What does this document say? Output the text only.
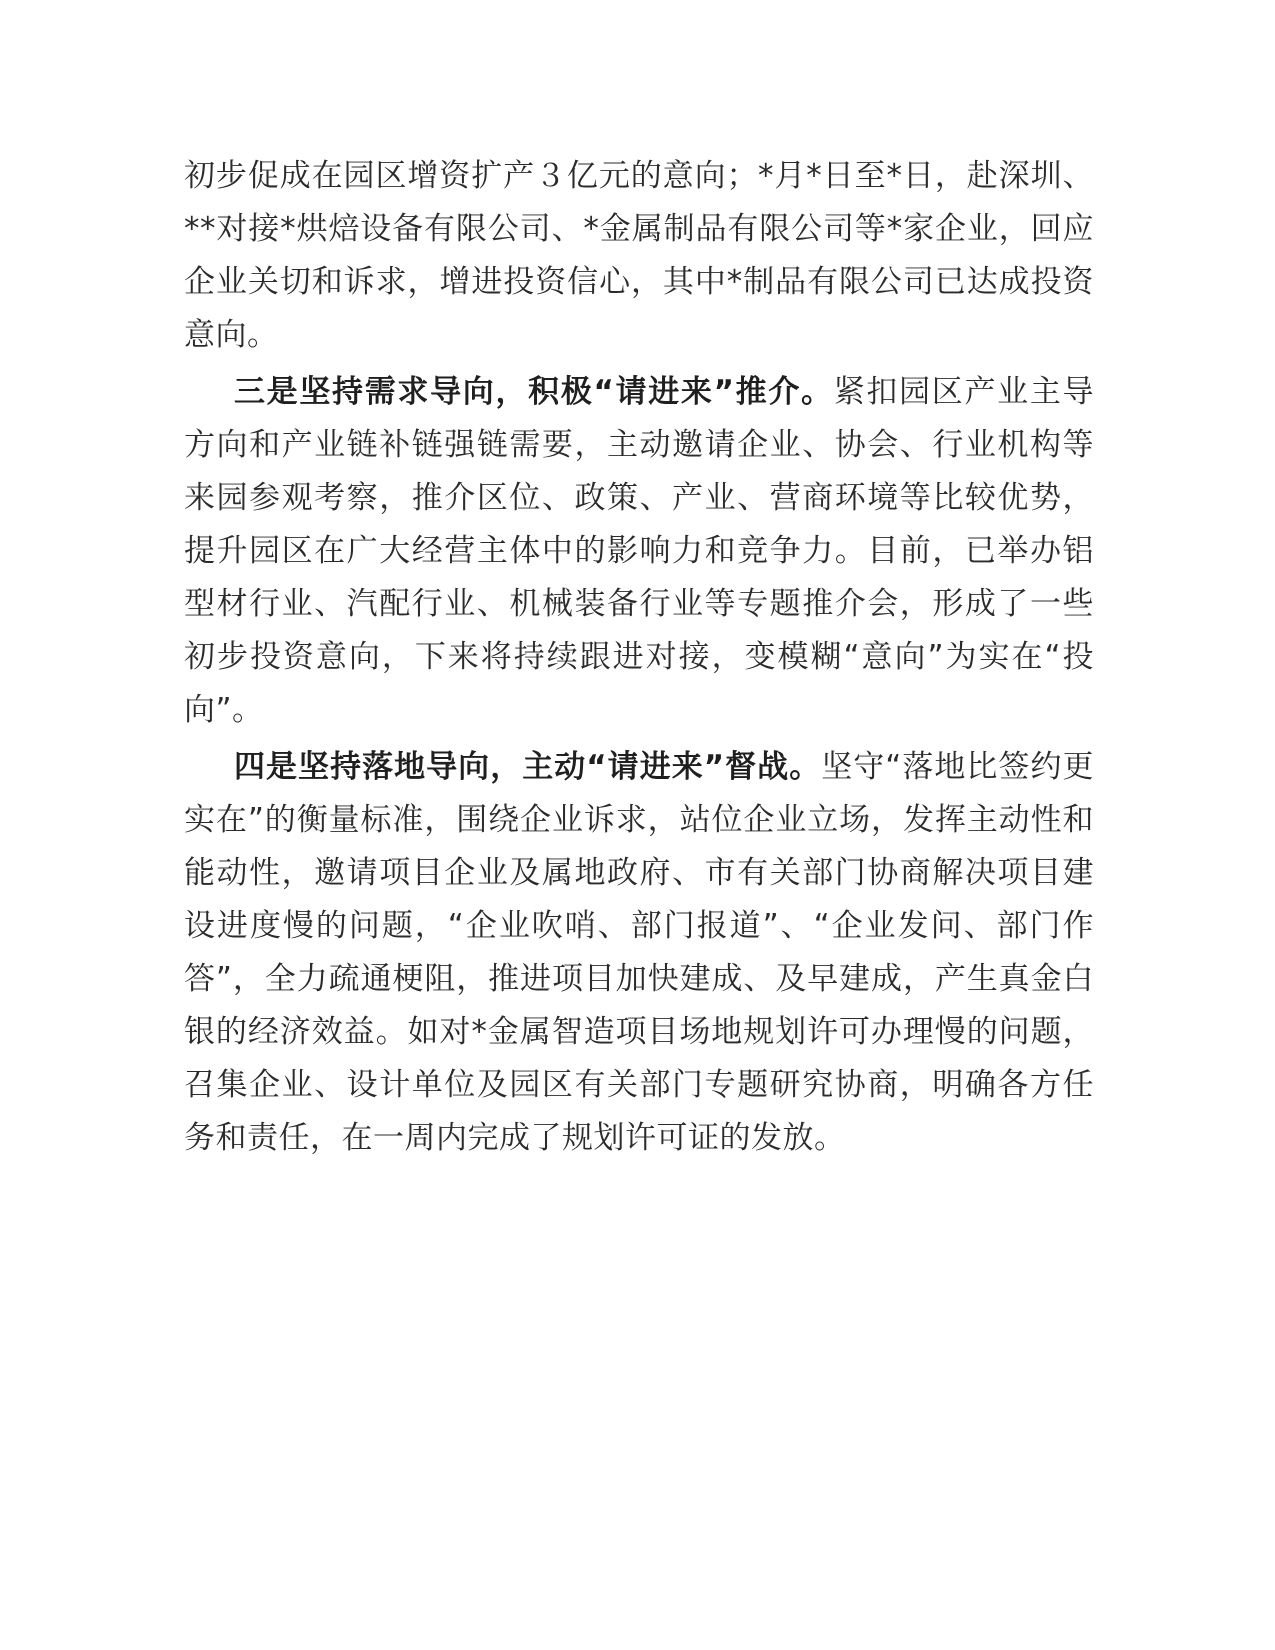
初步促成在园区增资扩产３亿元的意向；*月*日至*日，赴深圳、**对接*烘焙设备有限公司、*金属制品有限公司等*家企业，回应企业关切和诉求，增进投资信心，其中*制品有限公司已达成投资意向。

三是坚持需求导向，积极“请进来”推介。紧扣园区产业主导方向和产业链补链强链需要，主动邀请企业、协会、行业机构等来园参观考察，推介区位、政策、产业、营商环境等比较优势，提升园区在广大经营主体中的影响力和竞争力。目前，已举办铝型材行业、汽配行业、机械装备行业等专题推介会，形成了一些初步投资意向，下来将持续跟进对接，变模糊“意向”为实在“投向”。

四是坚持落地导向，主动“请进来”督战。坚守“落地比签约更实在”的衡量标准，围绕企业诉求，站位企业立场，发挥主动性和能动性，邀请项目企业及属地政府、市有关部门协商解决项目建设进度慢的问题，“企业吹哨、部门报道”、“企业发问、部门作答”，全力疏通梗阻，推进项目加快建成、及早建成，产生真金白银的经济效益。如对*金属智造项目场地规划许可办理慢的问题，召集企业、设计单位及园区有关部门专题研究协商，明确各方任务和责任，在一周内完成了规划许可证的发放。
